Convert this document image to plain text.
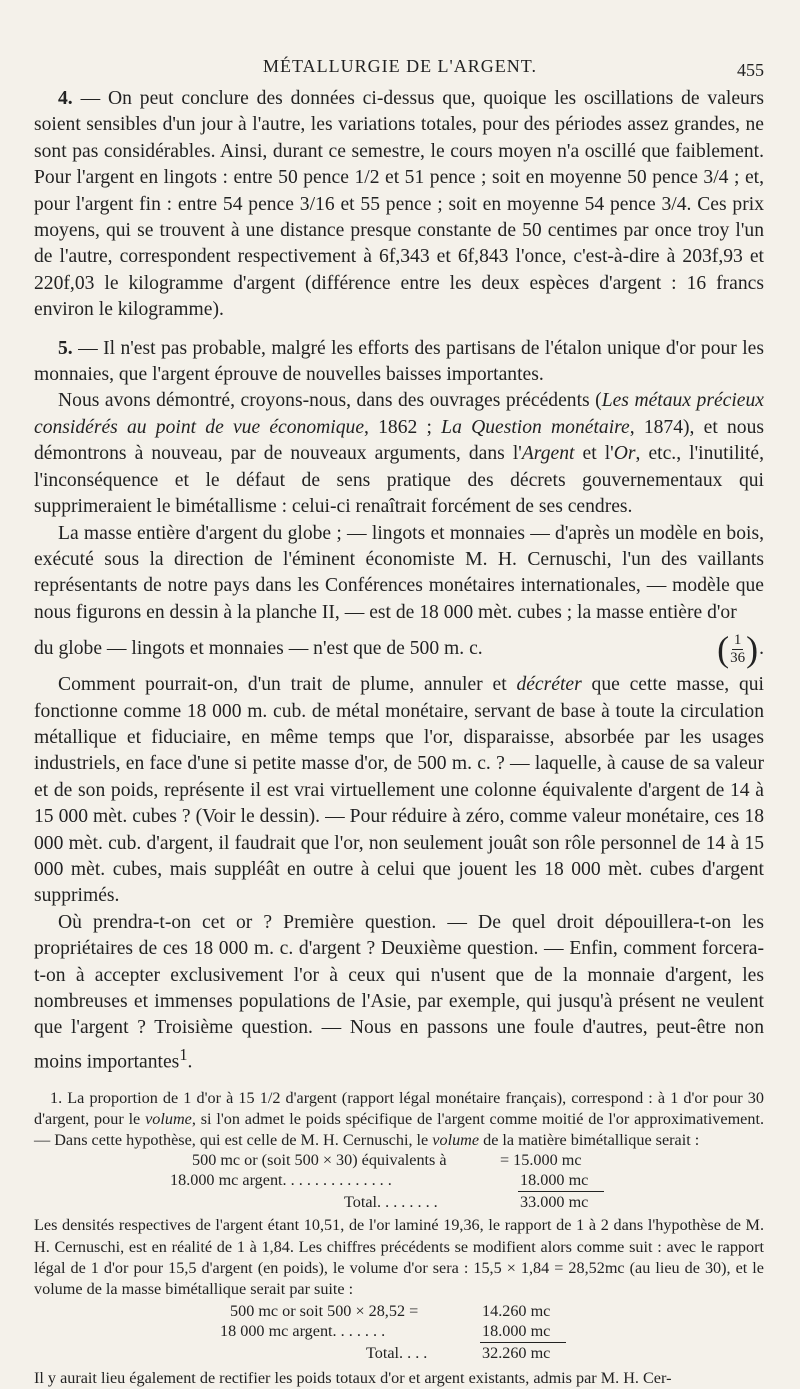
MÉTALLURGIE DE L'ARGENT.	455

4. — On peut conclure des données ci-dessus que, quoique les oscillations de valeurs soient sensibles d'un jour à l'autre, les variations totales, pour des périodes assez grandes, ne sont pas considérables. Ainsi, durant ce semestre, le cours moyen n'a oscillé que faiblement. Pour l'argent en lingots : entre 50 pence 1/2 et 51 pence ; soit en moyenne 50 pence 3/4 ; et, pour l'argent fin : entre 54 pence 3/16 et 55 pence ; soit en moyenne 54 pence 3/4. Ces prix moyens, qui se trouvent à une distance presque constante de 50 centimes par once troy l'un de l'autre, correspondent respectivement à 6f,343 et 6f,843 l'once, c'est-à-dire à 203f,93 et 220f,03 le kilogramme d'argent (différence entre les deux espèces d'argent : 16 francs environ le kilogramme).

5. — Il n'est pas probable, malgré les efforts des partisans de l'étalon unique d'or pour les monnaies, que l'argent éprouve de nouvelles baisses importantes.

Nous avons démontré, croyons-nous, dans des ouvrages précédents (Les métaux précieux considérés au point de vue économique, 1862 ; La Question monétaire, 1874), et nous démontrons à nouveau, par de nouveaux arguments, dans l'Argent et l'Or, etc., l'inutilité, l'inconséquence et le défaut de sens pratique des décrets gouvernementaux qui supprimeraient le bimétallisme : celui-ci renaîtrait forcément de ses cendres.

La masse entière d'argent du globe ; — lingots et monnaies — d'après un modèle en bois, exécuté sous la direction de l'éminent économiste M. H. Cernuschi, l'un des vaillants représentants de notre pays dans les Conférences monétaires internationales, — modèle que nous figurons en dessin à la planche II, — est de 18 000 mèt. cubes ; la masse entière d'or

du globe — lingots et monnaies — n'est que de 500 m. c.	( $\frac{1}{36}$ ) .

Comment pourrait-on, d'un trait de plume, annuler et décréter que cette masse, qui fonctionne comme 18 000 m. cub. de métal monétaire, servant de base à toute la circulation métallique et fiduciaire, en même temps que l'or, disparaisse, absorbée par les usages industriels, en face d'une si petite masse d'or, de 500 m. c. ? — laquelle, à cause de sa valeur et de son poids, représente il est vrai virtuellement une colonne équivalente d'argent de 14 à 15 000 mèt. cubes ? (Voir le dessin). — Pour réduire à zéro, comme valeur monétaire, ces 18 000 mèt. cub. d'argent, il faudrait que l'or, non seulement jouât son rôle personnel de 14 à 15 000 mèt. cubes, mais suppléât en outre à celui que jouent les 18 000 mèt. cubes d'argent supprimés.

Où prendra-t-on cet or ? Première question. — De quel droit dépouillera-t-on les propriétaires de ces 18 000 m. c. d'argent ? Deuxième question. — Enfin, comment forcera-t-on à accepter exclusivement l'or à ceux qui n'usent que de la monnaie d'argent, les nombreuses et immenses populations de l'Asie, par exemple, qui jusqu'à présent ne veulent que l'argent ? Troisième question. — Nous en passons une foule d'autres, peut-être non moins importantes$^1$.

1. La proportion de 1 d'or à 15 1/2 d'argent (rapport légal monétaire français), correspond : à 1 d'or pour 30 d'argent, pour le volume, si l'on admet le poids spécifique de l'argent comme moitié de l'or approximativement. — Dans cette hypothèse, qui est celle de M. H. Cernuschi, le volume de la matière bimétallique serait :

500 mc or (soit 500 × 30) équivalents à	= 15.000 mc
18.000 mc argent. . . . . . . . . . . . . .	18.000 mc
Total. . . . . . . .	33.000 mc

Les densités respectives de l'argent étant 10,51, de l'or laminé 19,36, le rapport de 1 à 2 dans l'hypothèse de M. H. Cernuschi, est en réalité de 1 à 1,84. Les chiffres précédents se modifient alors comme suit : avec le rapport légal de 1 d'or pour 15,5 d'argent (en poids), le volume d'or sera : 15,5 × 1,84 = 28,52mc (au lieu de 30), et le volume de la masse bimétallique serait par suite :

500 mc or soit 500 × 28,52 =	14.260 mc
18 000 mc argent. . . . . . .	18.000 mc
Total. . . .	32.260 mc

Il y aurait lieu également de rectifier les poids totaux d'or et argent existants, admis par M. H. Cer-
